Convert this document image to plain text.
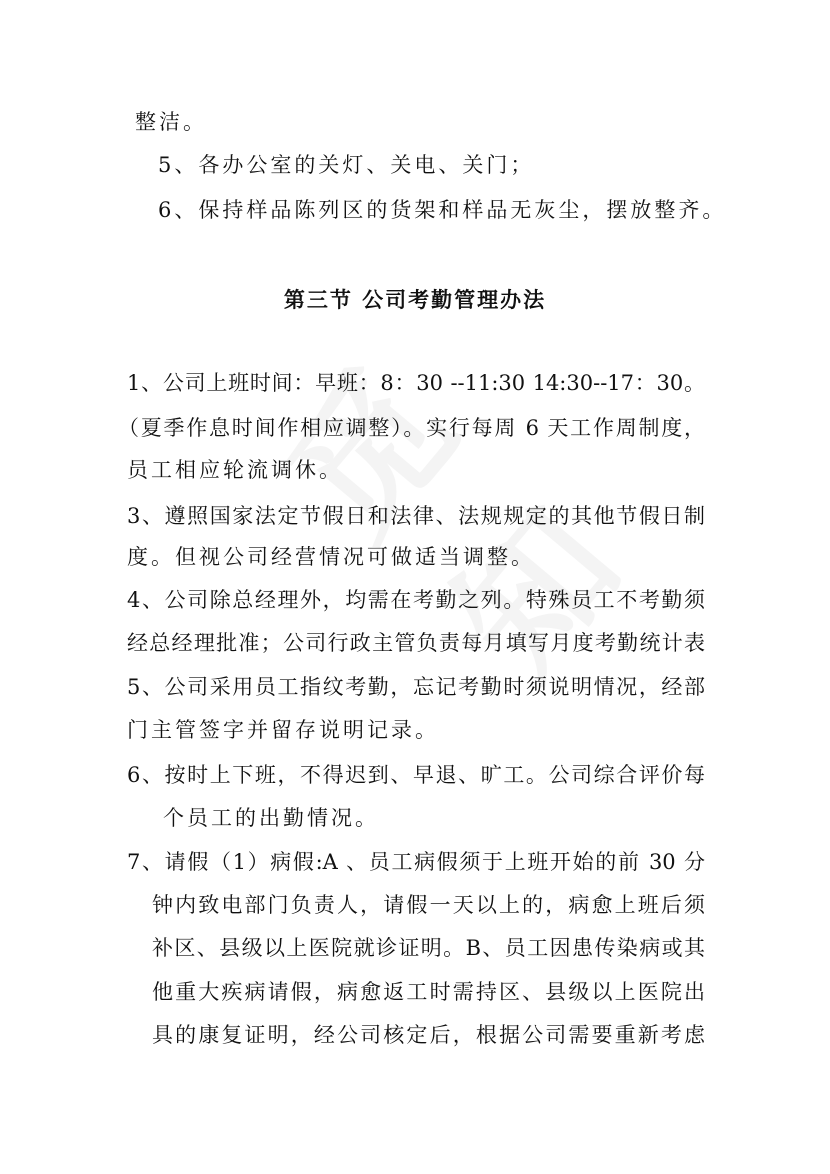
整洁。
5、各办公室的关灯、关电、关门；
6、保持样品陈列区的货架和样品无灰尘，摆放整齐。
第三节 公司考勤管理办法
1、公司上班时间：早班：8：30 --11:30 14:30--17：30。
（夏季作息时间作相应调整）。实行每周 6 天工作周制度，
员工相应轮流调休。
3、遵照国家法定节假日和法律、法规规定的其他节假日制
度。但视公司经营情况可做适当调整。
4、公司除总经理外，均需在考勤之列。特殊员工不考勤须
经总经理批准；公司行政主管负责每月填写月度考勤统计表
5、公司采用员工指纹考勤，忘记考勤时须说明情况，经部
门主管签字并留存说明记录。
6、按时上下班，不得迟到、早退、旷工。公司综合评价每
个员工的出勤情况。
7、请假（1）病假:A 、员工病假须于上班开始的前 30 分
钟内致电部门负责人，请假一天以上的，病愈上班后须
补区、县级以上医院就诊证明。B、员工因患传染病或其
他重大疾病请假，病愈返工时需持区、县级以上医院出
具的康复证明，经公司核定后，根据公司需要重新考虑
